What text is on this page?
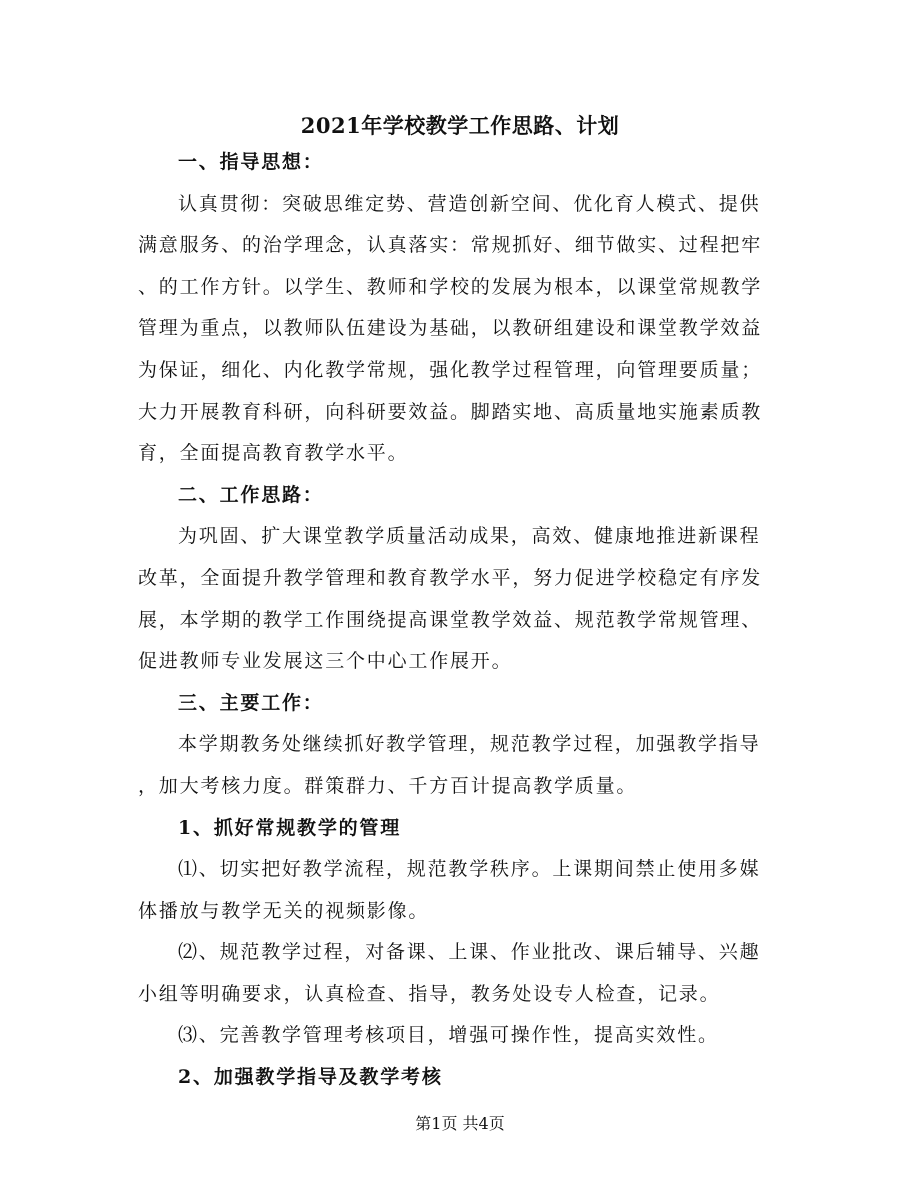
2021年学校教学工作思路、计划
一、指导思想：
认真贯彻：突破思维定势、营造创新空间、优化育人模式、提供
满意服务、的治学理念，认真落实：常规抓好、细节做实、过程把牢
、的工作方针。以学生、教师和学校的发展为根本，以课堂常规教学
管理为重点，以教师队伍建设为基础，以教研组建设和课堂教学效益
为保证，细化、内化教学常规，强化教学过程管理，向管理要质量；
大力开展教育科研，向科研要效益。脚踏实地、高质量地实施素质教
育，全面提高教育教学水平。
二、工作思路：
为巩固、扩大课堂教学质量活动成果，高效、健康地推进新课程
改革，全面提升教学管理和教育教学水平，努力促进学校稳定有序发
展，本学期的教学工作围绕提高课堂教学效益、规范教学常规管理、
促进教师专业发展这三个中心工作展开。
三、主要工作：
本学期教务处继续抓好教学管理，规范教学过程，加强教学指导
，加大考核力度。群策群力、千方百计提高教学质量。
1、抓好常规教学的管理
⑴、切实把好教学流程，规范教学秩序。上课期间禁止使用多媒
体播放与教学无关的视频影像。
⑵、规范教学过程，对备课、上课、作业批改、课后辅导、兴趣
小组等明确要求，认真检查、指导，教务处设专人检查，记录。
⑶、完善教学管理考核项目，增强可操作性，提高实效性。
2、加强教学指导及教学考核
第1页 共4页
